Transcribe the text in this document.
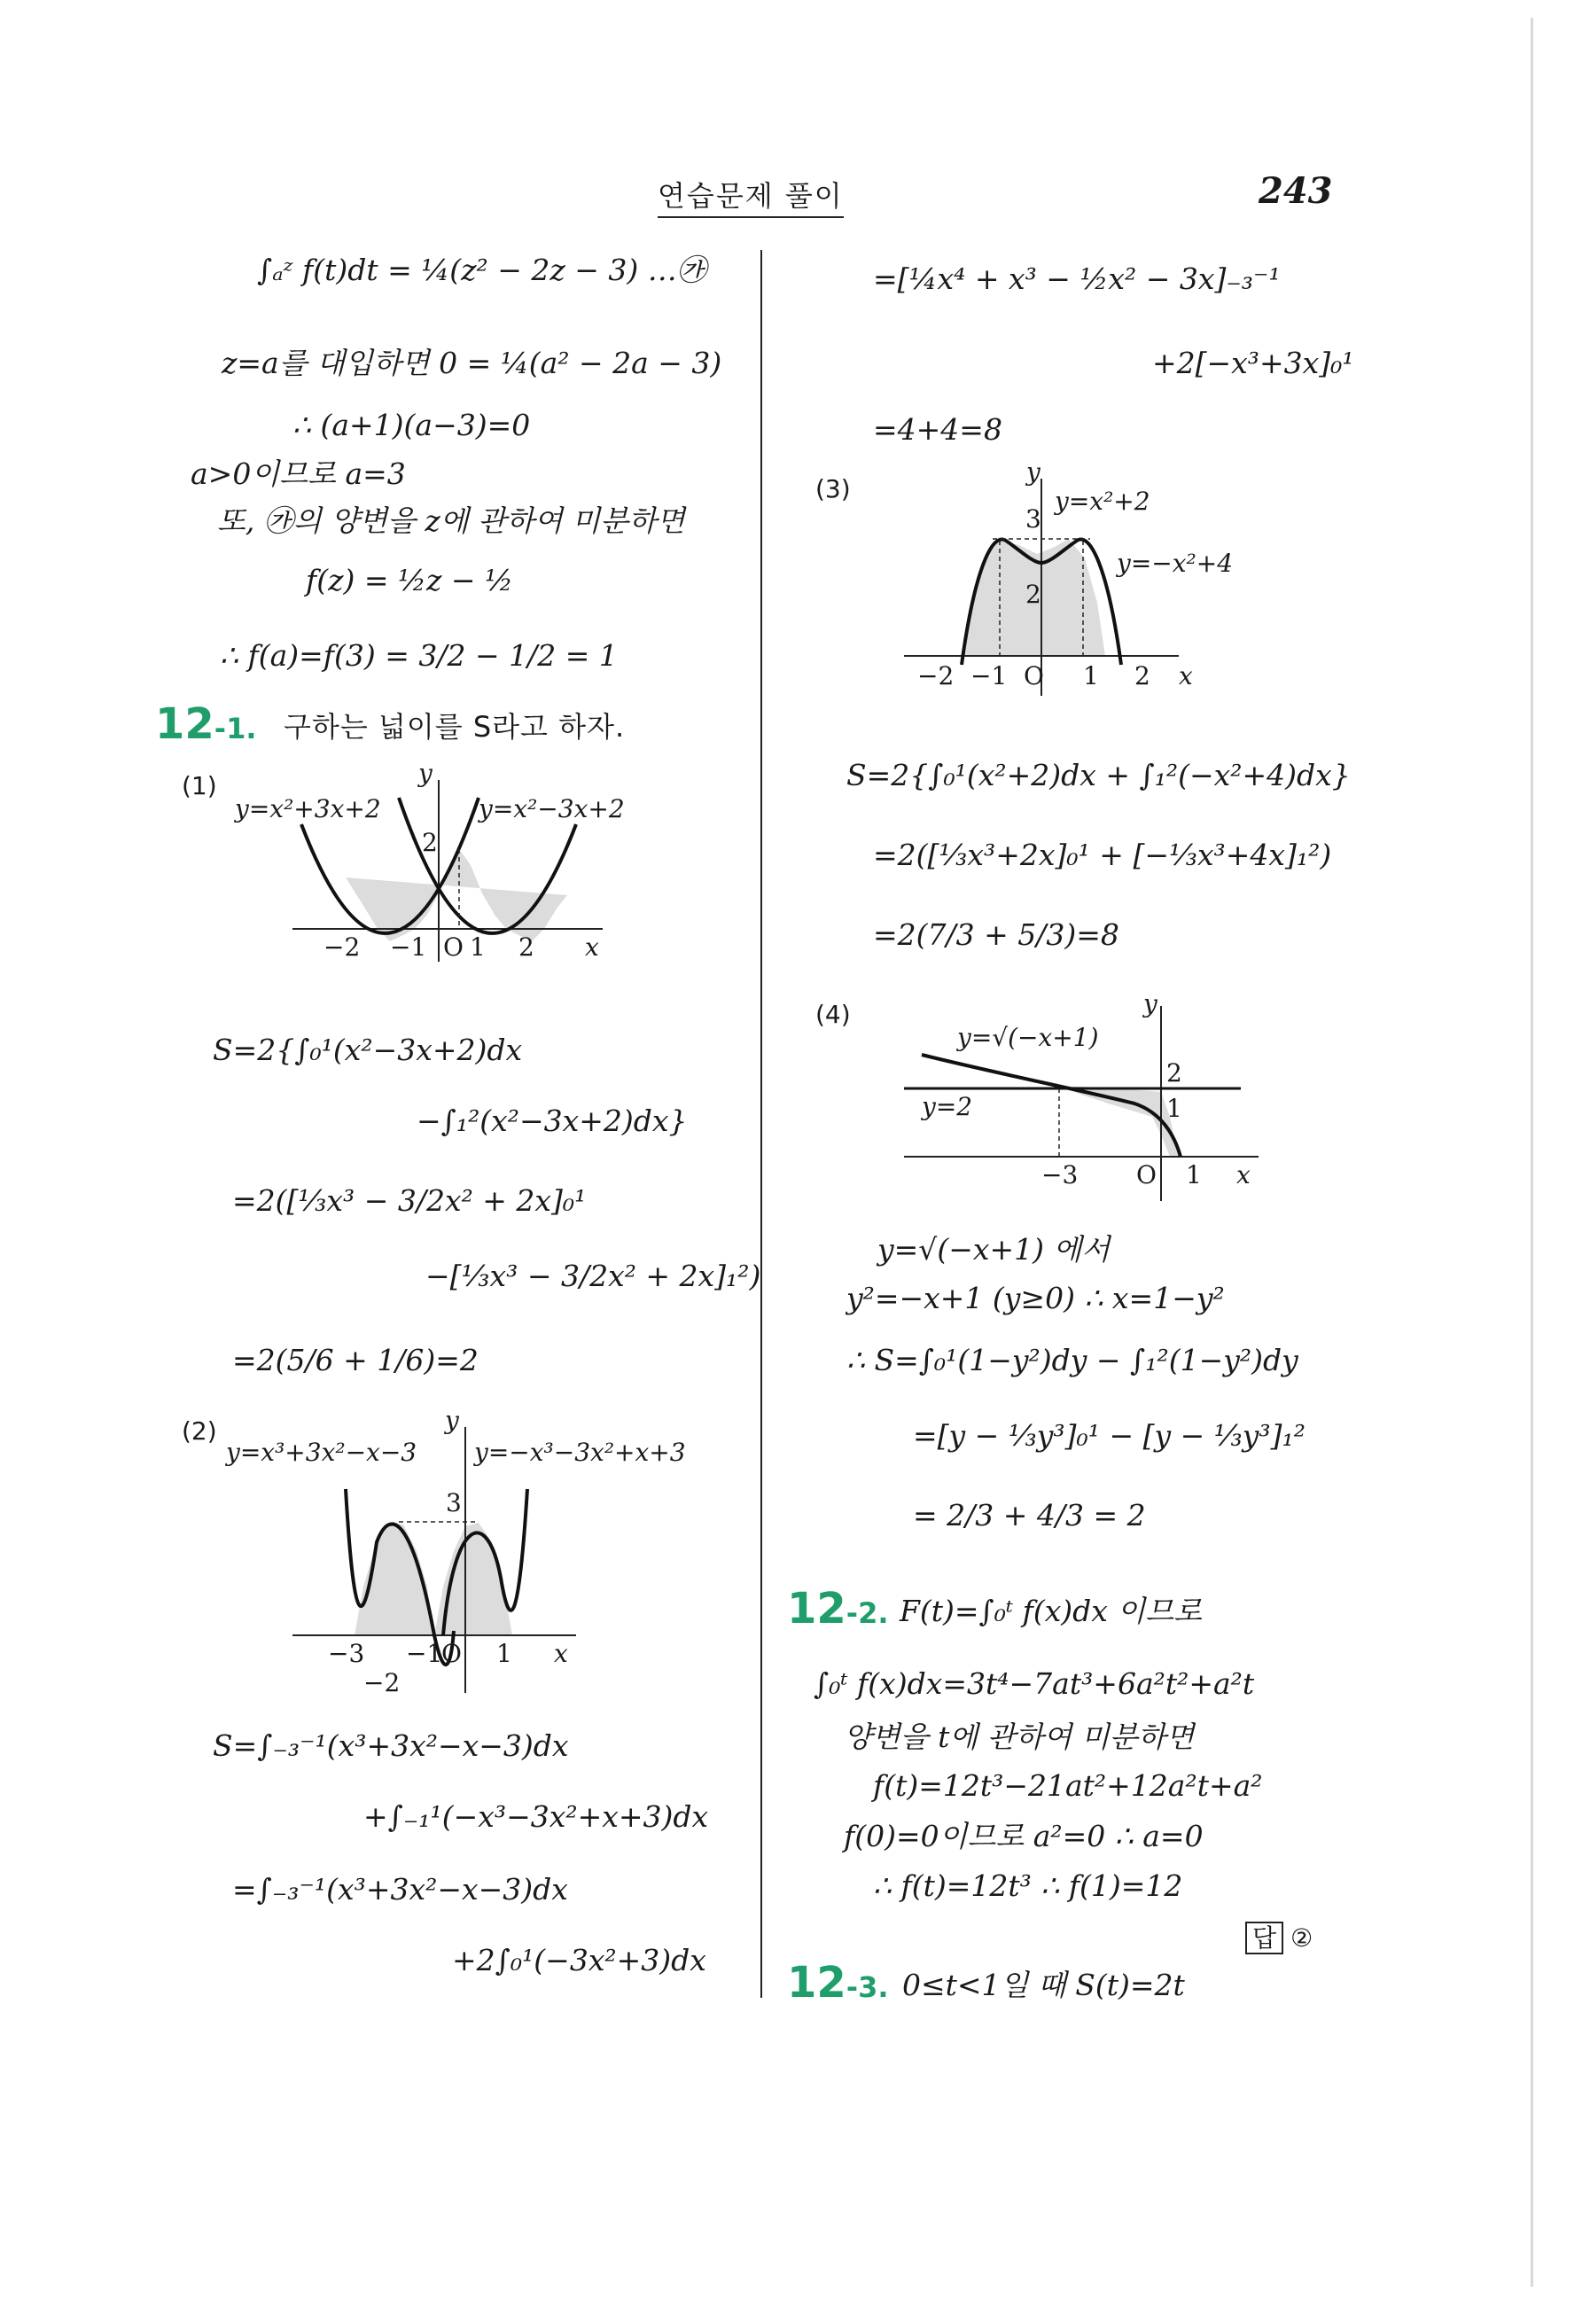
연습문제 풀이	243
∫ₐᶻ f(t)dt = ¼(z² − 2z − 3) …㉮
z=a를 대입하면 0 = ¼(a² − 2a − 3)
∴ (a+1)(a−3)=0
a>0이므로 a=3
또, ㉮의 양변을 z에 관하여 미분하면
f(z) = ½z − ½
∴ f(a)=f(3) = 3/2 − 1/2 = 1
12-1. 구하는 넓이를 S라고 하자.
(1)
y=x²+3x+2	y=x²−3x+2
y
2
−2 −1 O 1 2 x
S=2{∫₀¹(x²−3x+2)dx
−∫₁²(x²−3x+2)dx}
=2([⅓x³ − 3/2x² + 2x]₀¹
−[⅓x³ − 3/2x² + 2x]₁²)
=2(5/6 + 1/6)=2
(2)
y=x³+3x²−x−3 y=−x³−3x²+x+3
y
3
−3 −1
O 1 x
−2
S=∫₋₃⁻¹(x³+3x²−x−3)dx
+∫₋₁¹(−x³−3x²+x+3)dx
=∫₋₃⁻¹(x³+3x²−x−3)dx
+2∫₀¹(−3x²+3)dx
=[¼x⁴ + x³ − ½x² − 3x]₋₃⁻¹
+2[−x³+3x]₀¹
=4+4=8
(3)	y=x²+2
y=−x²+4
y
3
2
−2 −1 O 1 2 x
S=2{∫₀¹(x²+2)dx + ∫₁²(−x²+4)dx}
=2([⅓x³+2x]₀¹ + [−⅓x³+4x]₁²)
=2(7/3 + 5/3)=8
(4)
y=√(−x+1)
y=2
y
2
1
−3 O 1 x
y=√(−x+1) 에서
y²=−x+1 (y≥0) ∴ x=1−y²
∴ S=∫₀¹(1−y²)dy − ∫₁²(1−y²)dy
=[y − ⅓y³]₀¹ − [y − ⅓y³]₁²
= 2/3 + 4/3 = 2
12-2. F(t)=∫₀ᵗ f(x)dx 이므로
∫₀ᵗ f(x)dx=3t⁴−7at³+6a²t²+a²t
양변을 t에 관하여 미분하면
f(t)=12t³−21at²+12a²t+a²
f(0)=0이므로 a²=0 ∴ a=0
∴ f(t)=12t³ ∴ f(1)=12
답 ②
12-3. 0≤t<1일 때 S(t)=2t
